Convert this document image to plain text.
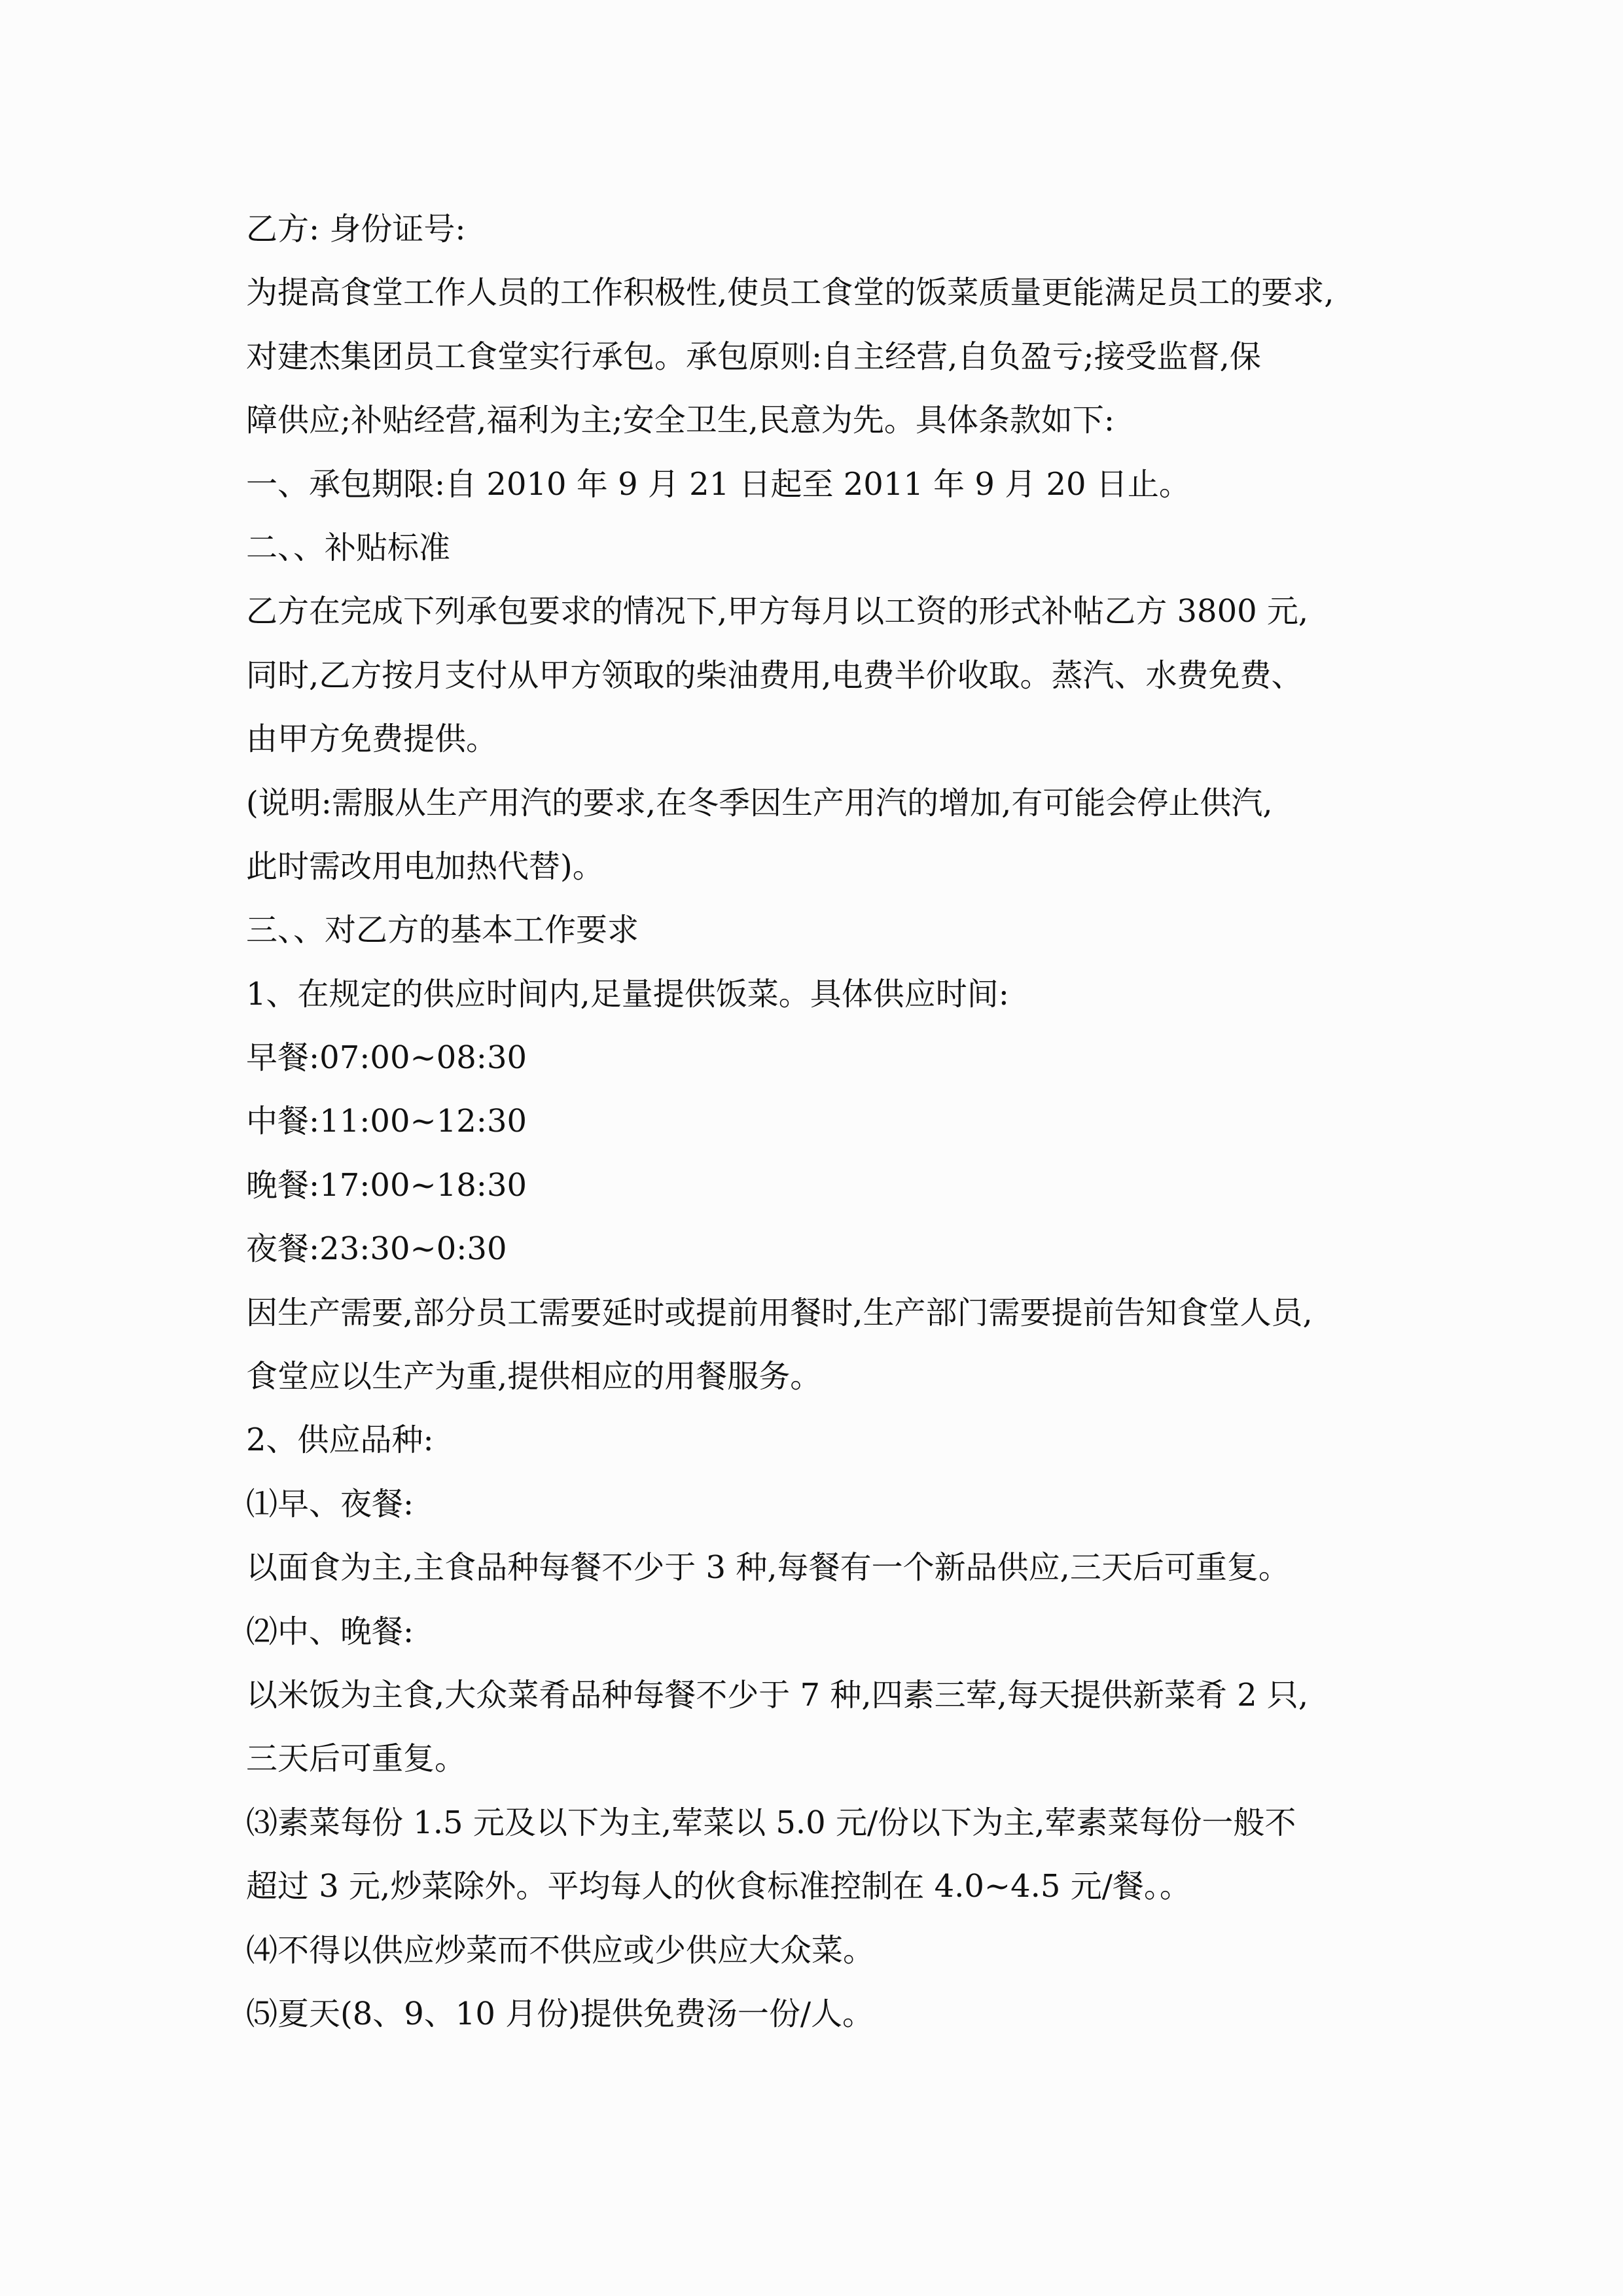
乙方: 身份证号:
为提高食堂工作人员的工作积极性,使员工食堂的饭菜质量更能满足员工的要求,
对建杰集团员工食堂实行承包。承包原则:自主经营,自负盈亏;接受监督,保
障供应;补贴经营,福利为主;安全卫生,民意为先。具体条款如下:
一、承包期限:自 2010 年 9 月 21 日起至 2011 年 9 月 20 日止。
二、、补贴标准
乙方在完成下列承包要求的情况下,甲方每月以工资的形式补帖乙方 3800 元,
同时,乙方按月支付从甲方领取的柴油费用,电费半价收取。蒸汽、水费免费、
由甲方免费提供。
(说明:需服从生产用汽的要求,在冬季因生产用汽的增加,有可能会停止供汽,
此时需改用电加热代替)。
三、、对乙方的基本工作要求
1、在规定的供应时间内,足量提供饭菜。具体供应时间:
早餐:07:00~08:30
中餐:11:00~12:30
晚餐:17:00~18:30
夜餐:23:30~0:30
因生产需要,部分员工需要延时或提前用餐时,生产部门需要提前告知食堂人员,
食堂应以生产为重,提供相应的用餐服务。
2、供应品种:
⑴早、夜餐:
以面食为主,主食品种每餐不少于 3 种,每餐有一个新品供应,三天后可重复。
⑵中、晚餐:
以米饭为主食,大众菜肴品种每餐不少于 7 种,四素三荤,每天提供新菜肴 2 只,
三天后可重复。
⑶素菜每份 1.5 元及以下为主,荤菜以 5.0 元/份以下为主,荤素菜每份一般不
超过 3 元,炒菜除外。平均每人的伙食标准控制在 4.0~4.5 元/餐。。
⑷不得以供应炒菜而不供应或少供应大众菜。
⑸夏天(8、9、10 月份)提供免费汤一份/人。
